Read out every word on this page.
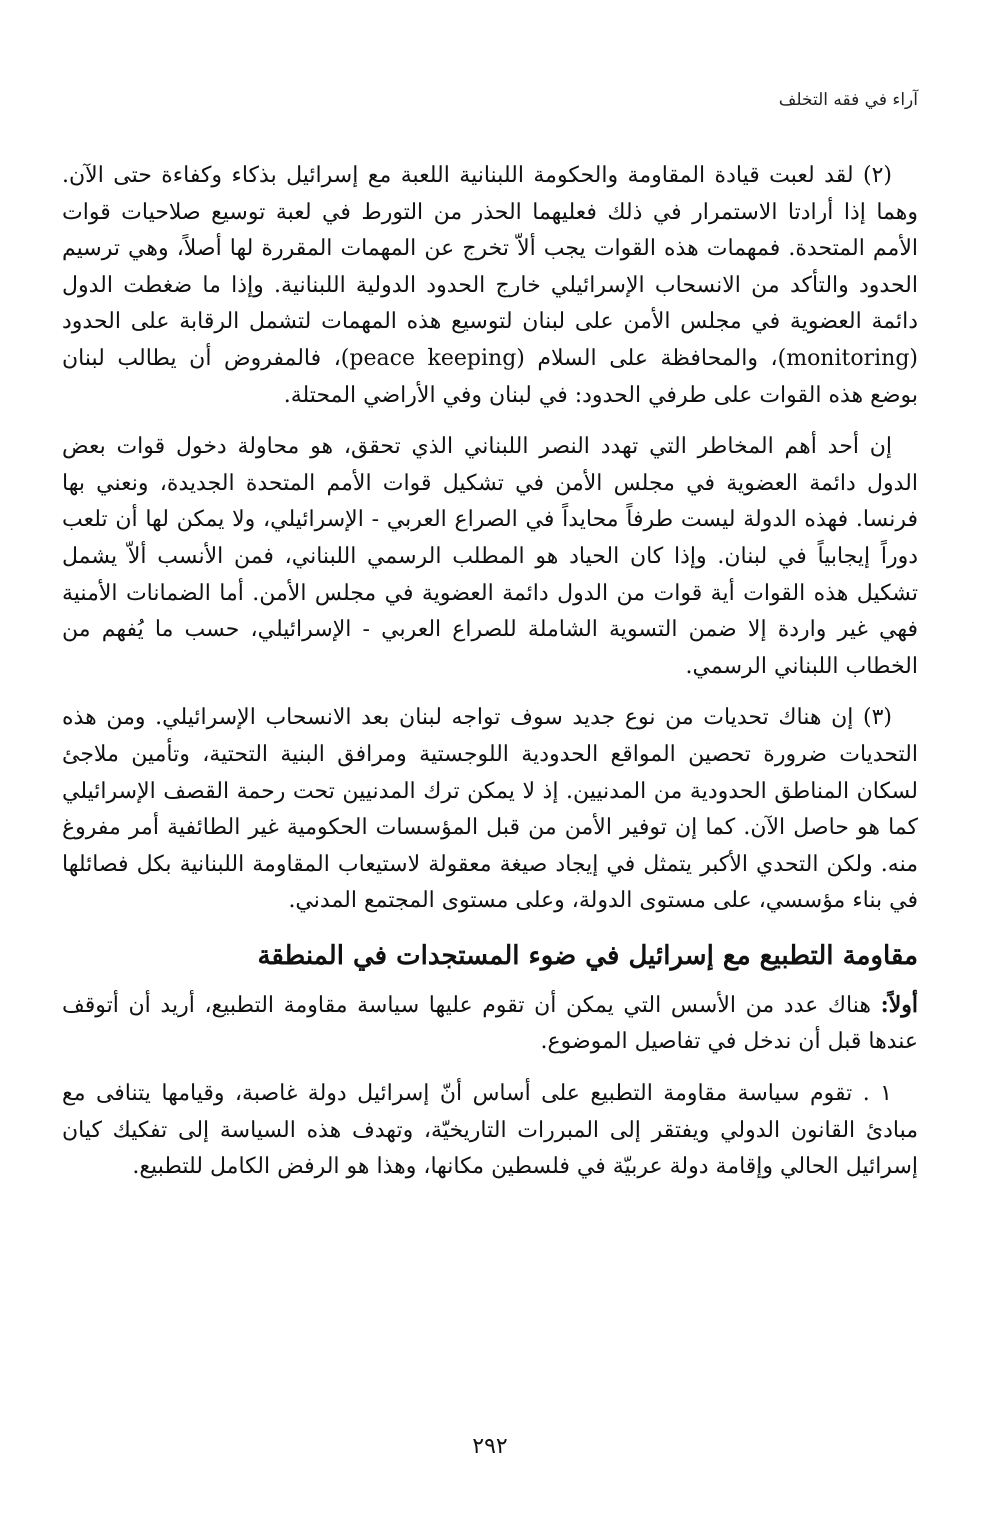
آراء في فقه التخلف

(٢) لقد لعبت قيادة المقاومة والحكومة اللبنانية اللعبة مع إسرائيل بذكاء وكفاءة حتى الآن. وهما إذا أرادتا الاستمرار في ذلك فعليهما الحذر من التورط في لعبة توسيع صلاحيات قوات الأمم المتحدة. فمهمات هذه القوات يجب ألاّ تخرج عن المهمات المقررة لها أصلاً، وهي ترسيم الحدود والتأكد من الانسحاب الإسرائيلي خارج الحدود الدولية اللبنانية. وإذا ما ضغطت الدول دائمة العضوية في مجلس الأمن على لبنان لتوسيع هذه المهمات لتشمل الرقابة على الحدود (monitoring)، والمحافظة على السلام (peace keeping)، فالمفروض أن يطالب لبنان بوضع هذه القوات على طرفي الحدود: في لبنان وفي الأراضي المحتلة.

إن أحد أهم المخاطر التي تهدد النصر اللبناني الذي تحقق، هو محاولة دخول قوات بعض الدول دائمة العضوية في مجلس الأمن في تشكيل قوات الأمم المتحدة الجديدة، ونعني بها فرنسا. فهذه الدولة ليست طرفاً محايداً في الصراع العربي - الإسرائيلي، ولا يمكن لها أن تلعب دوراً إيجابياً في لبنان. وإذا كان الحياد هو المطلب الرسمي اللبناني، فمن الأنسب ألاّ يشمل تشكيل هذه القوات أية قوات من الدول دائمة العضوية في مجلس الأمن. أما الضمانات الأمنية فهي غير واردة إلا ضمن التسوية الشاملة للصراع العربي - الإسرائيلي، حسب ما يُفهم من الخطاب اللبناني الرسمي.

(٣) إن هناك تحديات من نوع جديد سوف تواجه لبنان بعد الانسحاب الإسرائيلي. ومن هذه التحديات ضرورة تحصين المواقع الحدودية اللوجستية ومرافق البنية التحتية، وتأمين ملاجئ لسكان المناطق الحدودية من المدنيين. إذ لا يمكن ترك المدنيين تحت رحمة القصف الإسرائيلي كما هو حاصل الآن. كما إن توفير الأمن من قبل المؤسسات الحكومية غير الطائفية أمر مفروغ منه. ولكن التحدي الأكبر يتمثل في إيجاد صيغة معقولة لاستيعاب المقاومة اللبنانية بكل فصائلها في بناء مؤسسي، على مستوى الدولة، وعلى مستوى المجتمع المدني.

مقاومة التطبيع مع إسرائيل في ضوء المستجدات في المنطقة

أولاً: هناك عدد من الأسس التي يمكن أن تقوم عليها سياسة مقاومة التطبيع، أريد أن أتوقف عندها قبل أن ندخل في تفاصيل الموضوع.

١ . تقوم سياسة مقاومة التطبيع على أساس أنّ إسرائيل دولة غاصبة، وقيامها يتنافى مع مبادئ القانون الدولي ويفتقر إلى المبررات التاريخيّة، وتهدف هذه السياسة إلى تفكيك كيان إسرائيل الحالي وإقامة دولة عربيّة في فلسطين مكانها، وهذا هو الرفض الكامل للتطبيع.

٢٩٢
